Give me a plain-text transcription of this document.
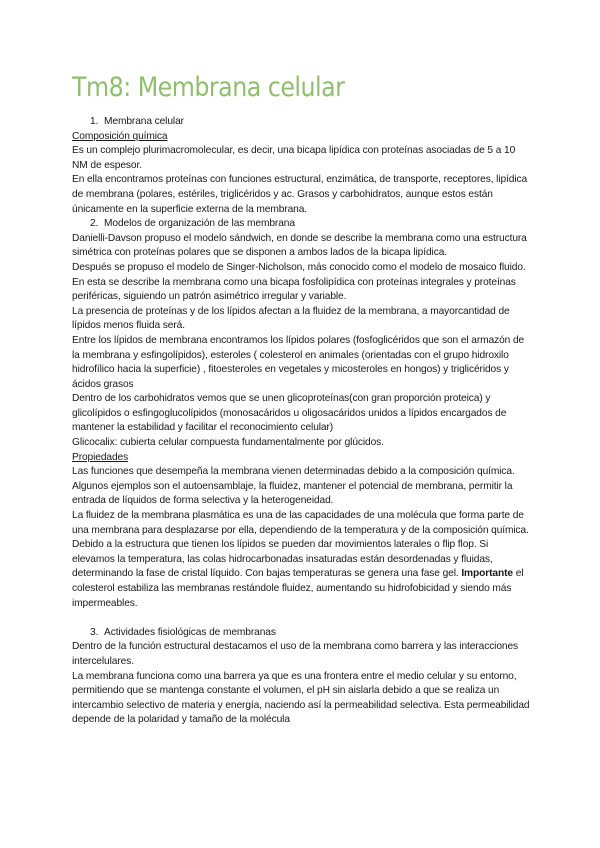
Tm8: Membrana celular

1. Membrana celular

Composición química

Es un complejo plurimacromolecular, es decir, una bicapa lipídica con proteínas asociadas de 5 a 10 NM de espesor.

En ella encontramos proteínas con funciones estructural, enzimática, de transporte, receptores, lipídica de membrana (polares, estériles, triglicéridos y ac. Grasos y carbohidratos, aunque estos están únicamente en la superficie externa de la membrana.

2. Modelos de organización de las membrana

Danielli-Davson propuso el modelo sándwich, en donde se describe la membrana como una estructura simétrica con proteínas polares que se disponen a ambos lados de la bicapa lipídica.

Después se propuso el modelo de Singer-Nicholson, más conocido como el modelo de mosaico fluido. En esta se describe la membrana como una bicapa fosfolipídica con proteínas integrales y proteínas periféricas, siguiendo un patrón asimétrico irregular y variable.

La presencia de proteínas y de los lípidos afectan a la fluidez de la membrana, a mayorcantidad de lípidos menos fluida será.

Entre los lípidos de membrana encontramos los lípidos polares (fosfoglicéridos que son el armazón de la membrana y esfingolípidos), esteroles ( colesterol en animales (orientadas con el grupo hidroxilo hidrofílico hacia la superficie) , fitoesteroles en vegetales y micosteroles en hongos) y triglicéridos y ácidos grasos

Dentro de los carbohidratos vemos que se unen glicoproteínas(con gran proporción proteica) y glicolípidos o esfingoglucolípidos (monosacáridos u oligosacáridos unidos a lípidos encargados de mantener la estabilidad y facilitar el reconocimiento celular)

Glicocalix: cubierta celular compuesta fundamentalmente por glúcidos.

Propiedades

Las funciones que desempeña la membrana vienen determinadas debido a la composición química. Algunos ejemplos son el autoensamblaje, la fluidez, mantener el potencial de membrana, permitir la entrada de líquidos de forma selectiva y la heterogeneidad.

La fluidez de la membrana plasmática es una de las capacidades de una molécula que forma parte de una membrana para desplazarse por ella, dependiendo de la temperatura y de la composición química. Debido a la estructura que tienen los lípidos se pueden dar movimientos laterales o flip flop. Si elevamos la temperatura, las colas hidrocarbonadas insaturadas están desordenadas y fluidas, determinando la fase de cristal líquido. Con bajas temperaturas se genera una fase gel. Importante el colesterol estabiliza las membranas restándole fluidez, aumentando su hidrofobicidad y siendo más impermeables.

3. Actividades fisiológicas de membranas

Dentro de la función estructural destacamos el uso de la membrana como barrera y las interacciones intercelulares.

La membrana funciona como una barrera ya que es una frontera entre el medio celular y su entorno, permitiendo que se mantenga constante el volumen, el pH sin aislarla debido a que se realiza un intercambio selectivo de materia y energía, naciendo así la permeabilidad selectiva. Esta permeabilidad depende de la polaridad y tamaño de la molécula
